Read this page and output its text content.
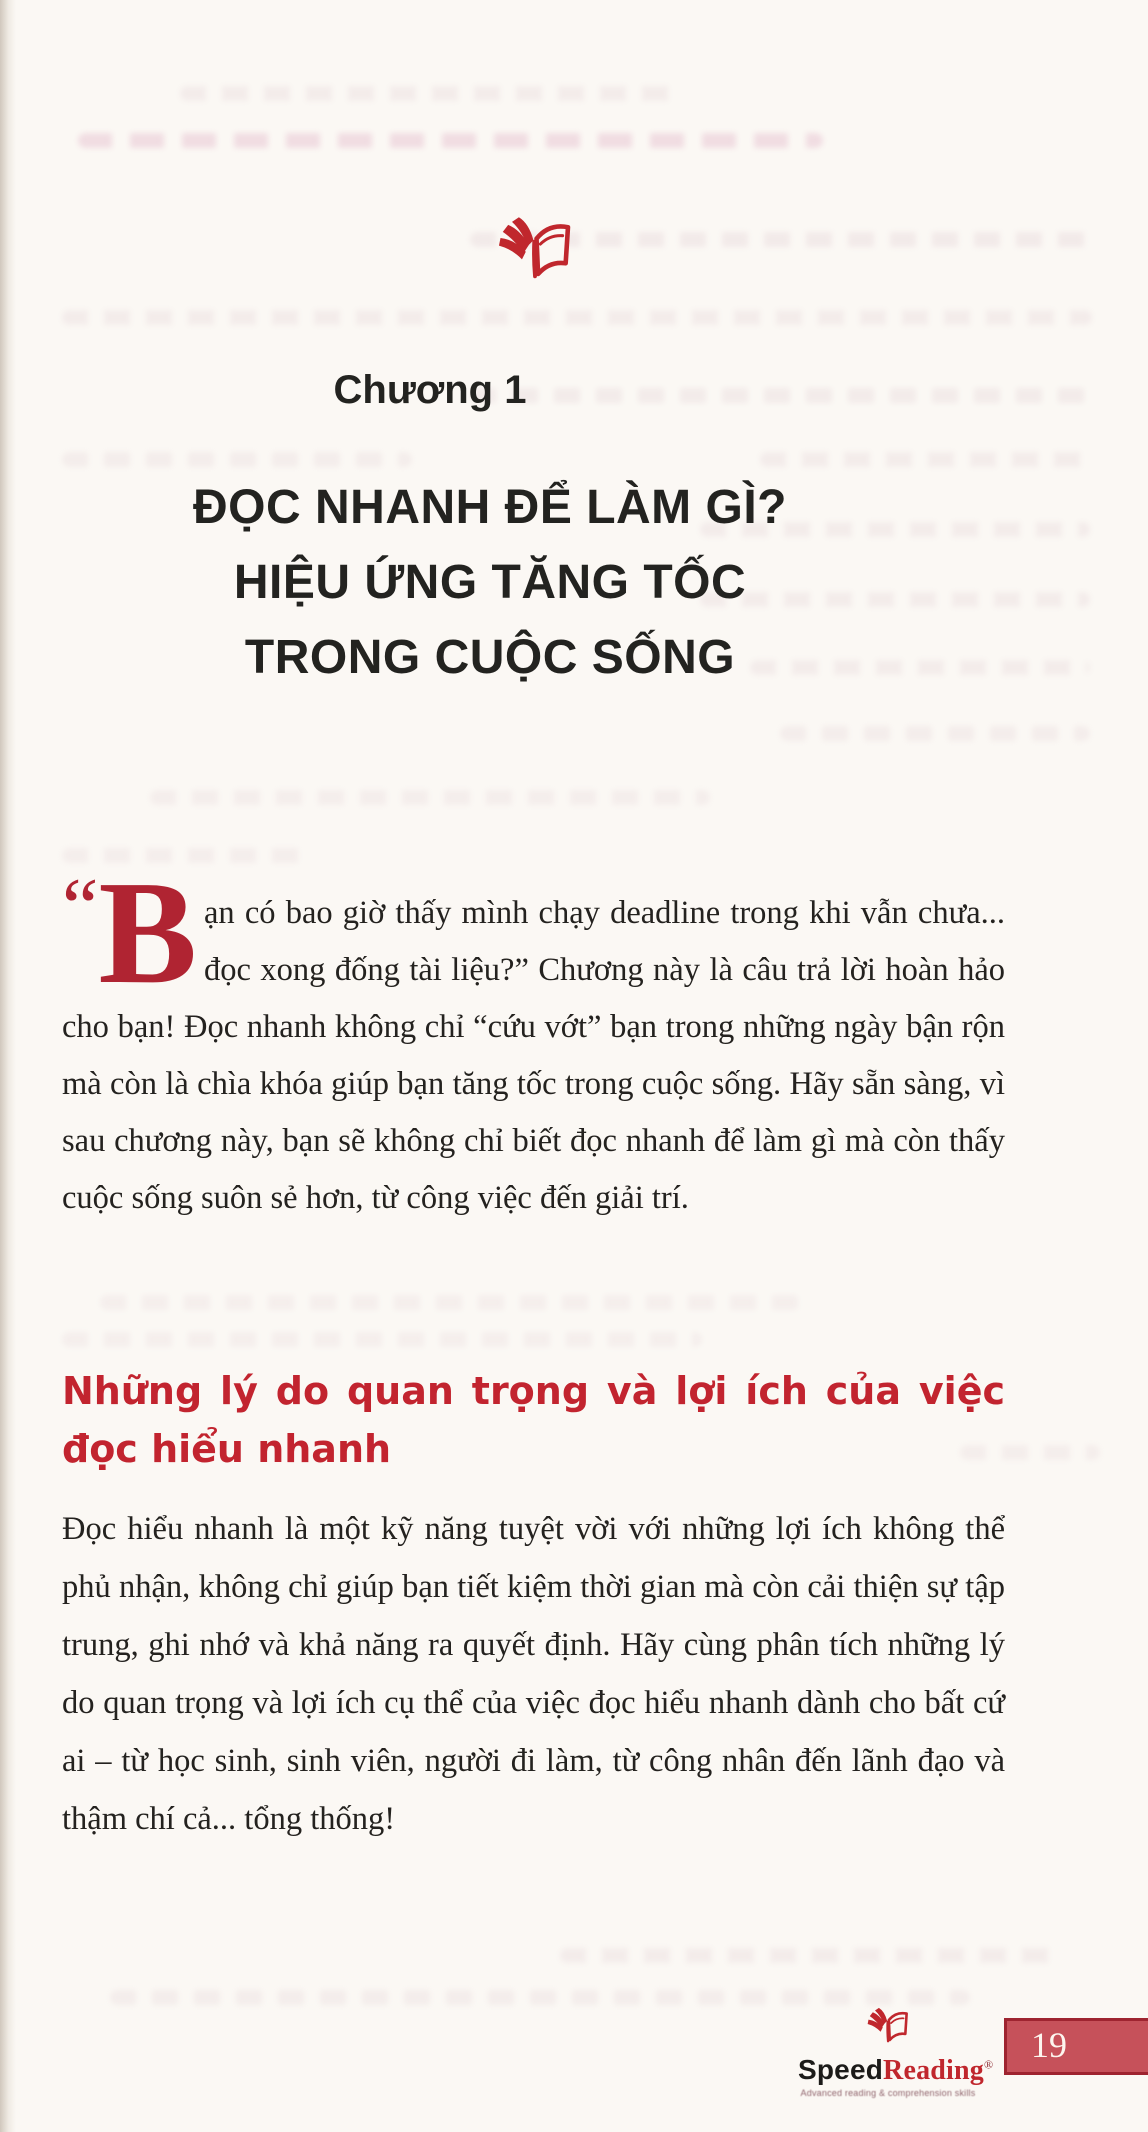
Chương 1
ĐỌC NHANH ĐỂ LÀM GÌ?
HIỆU ỨNG TĂNG TỐC
TRONG CUỘC SỐNG

“ B ạn có bao giờ thấy mình chạy deadline trong khi vẫn chưa... đọc xong đống tài liệu?” Chương này là câu trả lời hoàn hảo cho bạn! Đọc nhanh không chỉ “cứu vớt” bạn trong những ngày bận rộn mà còn là chìa khóa giúp bạn tăng tốc trong cuộc sống. Hãy sẵn sàng, vì sau chương này, bạn sẽ không chỉ biết đọc nhanh để làm gì mà còn thấy cuộc sống suôn sẻ hơn, từ công việc đến giải trí.

Những lý do quan trọng và lợi ích của việc
đọc hiểu nhanh

Đọc hiểu nhanh là một kỹ năng tuyệt vời với những lợi ích không thể phủ nhận, không chỉ giúp bạn tiết kiệm thời gian mà còn cải thiện sự tập trung, ghi nhớ và khả năng ra quyết định. Hãy cùng phân tích những lý do quan trọng và lợi ích cụ thể của việc đọc hiểu nhanh dành cho bất cứ ai – từ học sinh, sinh viên, người đi làm, từ công nhân đến lãnh đạo và thậm chí cả... tổng thống!

SpeedReading®
Advanced reading & comprehension skills
19
